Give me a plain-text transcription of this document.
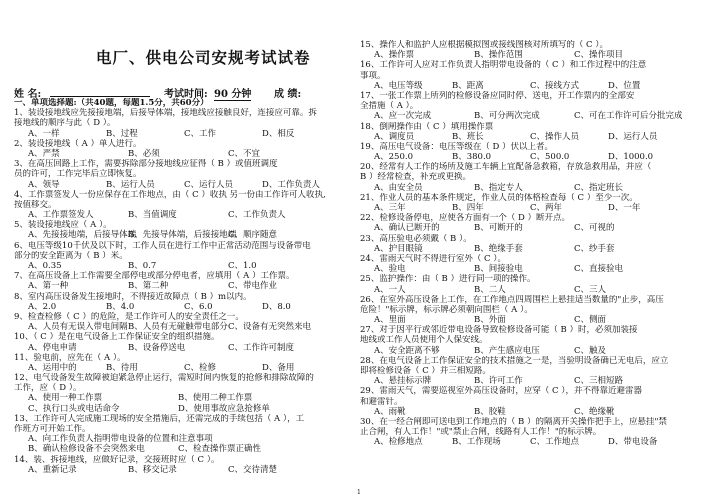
电厂、供电公司安规考试试卷
姓 名:
	考试时间: 90 分钟 成 绩:
一、单项选择题:（共40题，每题1.5分，共60分）
1、装设接地线应先接接地端，后接导体端，接地线应接触良好，连接应可靠。拆
接地线的顺序与此（ D ）。
A、一样	B、过程	C、工作	D、相反
2、装设接地线（ A ）单人进行。
A、严禁	B、必须	C、不宜
3、在高压回路上工作，需要拆除部分接地线应征得（ B ）或值班调度
员的许可，工作完毕后立即恢复。
A、领导	B、运行人员	C、运行人员	D、工作负责人
4、工作票签发人一份应保存在工作地点，由（ C ）收执 另一份由工作许可人收执,
按值移交。
A、工作票签发人	B、当值调度	C、工作负责人
5、装设接地线应（ A ）。
A、先接接地端，后接导体端
B、先接导体端，后接接地端
C、顺序随意
6、电压等级10千伏及以下时，工作人员在进行工作中正常活动范围与设备带电
部分的安全距离为（ B ）米。
A、0.35	B、0.7	C、1.0
7、在高压设备上工作需要全部停电或部分停电者，应填用（ A ）工作票。
A、第一种	B、第二种	C、带电作业
8、室内高压设备发生接地时，不得接近故障点（ B ）m以内。
A、2.0	B、4.0	C、6.0	D、8.0
9、检查检修（ C ）的危险，是工作许可人的安全责任之一。
A、人员有无误入带电间隔 B、人员有无碰触带电部分 C、设备有无突然来电
10、（ C ）是在电气设备上工作保证安全的组织措施。
A、停电申请	B、设备停送电	C、工作许可制度
11、验电前，应先在（ A ）。
A、运用中的	B、待用	C、检修	D、备用
12、电气设备发生故障被迫紧急停止运行，需短时间内恢复的抢修和排除故障的
工作，应（ D ）。
A、使用一种工作票	B、使用二种工作票
C、执行口头或电话命令	D、使用事故应急抢修单
13、工作许可人完成施工现场的安全措施后，还需完成的手续包括（ A ），工
作班方可开始工作。
A、向工作负责人指明带电设备的位置和注意事项
B、确认检修设备不会突然来电	C、检查操作票正确性
14、装、拆接地线，应做好记录，交接班时应（ C ）。
A、重新记录	B、移交记录	C、交待清楚
15、操作人和监护人应根据模拟图或接线图核对所填写的（ C ）。
A、操作票	B、操作范围	C、操作项目
16、工作许可人应对工作负责人指明带电设备的（ C ）和工作过程中的注意
事项。
A、电压等级	B、距离	C、接线方式	D、位置
17、一张工作票上所列的检修设备应同时停、送电，开工作票内的全部安
全措施（ A ）。
A、应一次完成	B、可分两次完成	C、可在工作许可后分批完成
18、倒闸操作由（ C ）填用操作票
A、调度员	B、班长	C、操作人员	D、运行人员
19、高压电气设备：电压等级在（ D ）伏以上者。
A、250.0	B、380.0	C、500.0	D、1000.0
20、经常有人工作的场所及施工车辆上宜配备急救箱，存放急救用品，并应（
B ）经常检查，补充或更换。
A、由安全员	B、指定专人	C、指定班长
21、作业人员的基本条件规定，作业人员的体格检查每（ C ）至少一次。
A、三年	B、四年	C、两年	D、一年
22、检修设备停电，应使各方面有一个（ D ）断开点。
A、确认已断开的	B、可断开的	C、可视的
23、高压验电必须戴（ B ）。
A、护目眼镜	B、绝缘手套	C、纱手套
24、雷雨天气时不得进行室外（ C ）。
A、验电	B、间接验电	C、直接验电
25、监护操作：由（ B ）进行同一项的操作。
A、一人	B、二人	C、三人
26、在室外高压设备上工作，在工作地点四周围栏上悬挂适当数量的"止步，高压
危险！"标示牌，标示牌必须朝向围栏（ A ）。
A、里面	B、外面	C、侧面
27、对于因平行或邻近带电设备导致检修设备可能（ B ）时，必须加装接
地线或工作人员使用个人保安线。
A、安全距离不够	B、产生感应电压	C、触及
28、在电气设备上工作保证安全的技术措施之一是，当验明设备确已无电后，应立
即将检修设备（ C ）并三相短路。
A、悬挂标示牌	B、许可工作	C、三相短路
29、雷雨天气，需要巡视室外高压设备时，应穿（ C ），并不得靠近避雷器
和避雷针。
A、雨靴	B、胶鞋	C、绝缘靴
30、在一经合闸即可送电到工作地点的（ B ）的隔离开关操作把手上，应悬挂"禁
止合闸，有人工作！"或"禁止合闸，线路有人工作！"的标示牌。
A、检修地点	B、工作现场	C、工作地点	D、带电设备
1
